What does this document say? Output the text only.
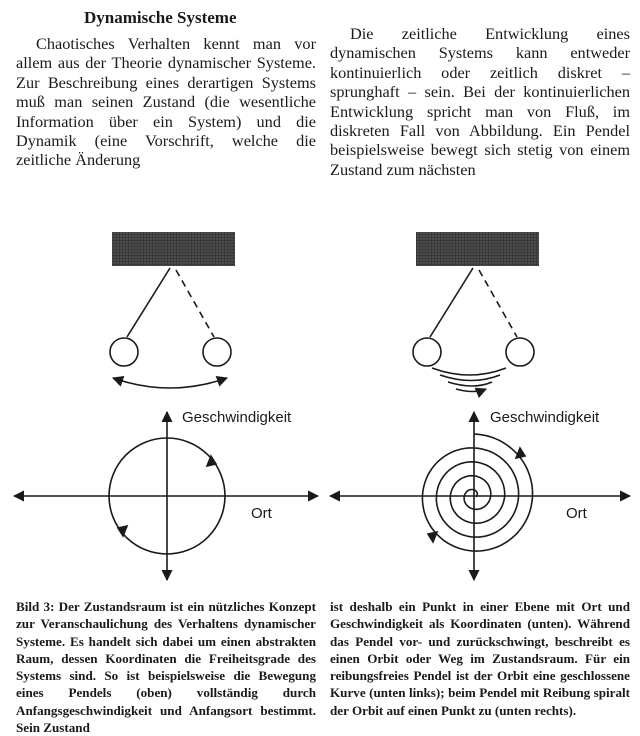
Dynamische Systeme

Chaotisches Verhalten kennt man vor allem aus der Theorie dynamischer Systeme. Zur Beschreibung eines derartigen Systems muß man seinen Zustand (die wesentliche Information über ein System) und die Dynamik (eine Vorschrift, welche die zeitliche Änderung

Die zeitliche Entwicklung eines dynamischen Systems kann entweder kontinuierlich oder zeitlich diskret – sprunghaft – sein. Bei der kontinuierlichen Entwicklung spricht man von Fluß, im diskreten Fall von Abbildung. Ein Pendel beispielsweise bewegt sich stetig von einem Zustand zum nächsten

Geschwindigkeit
Ort
Geschwindigkeit
Ort

Bild 3: Der Zustandsraum ist ein nützliches Konzept zur Veranschaulichung des Verhaltens dynamischer Systeme. Es handelt sich dabei um einen abstrakten Raum, dessen Koordinaten die Freiheitsgrade des Systems sind. So ist beispielsweise die Bewegung eines Pendels (oben) vollständig durch Anfangsgeschwindigkeit und Anfangsort bestimmt. Sein Zustand

ist deshalb ein Punkt in einer Ebene mit Ort und Geschwindigkeit als Koordinaten (unten). Während das Pendel vor- und zurückschwingt, beschreibt es einen Orbit oder Weg im Zustandsraum. Für ein reibungsfreies Pendel ist der Orbit eine geschlossene Kurve (unten links); beim Pendel mit Reibung spiralt der Orbit auf einen Punkt zu (unten rechts).
